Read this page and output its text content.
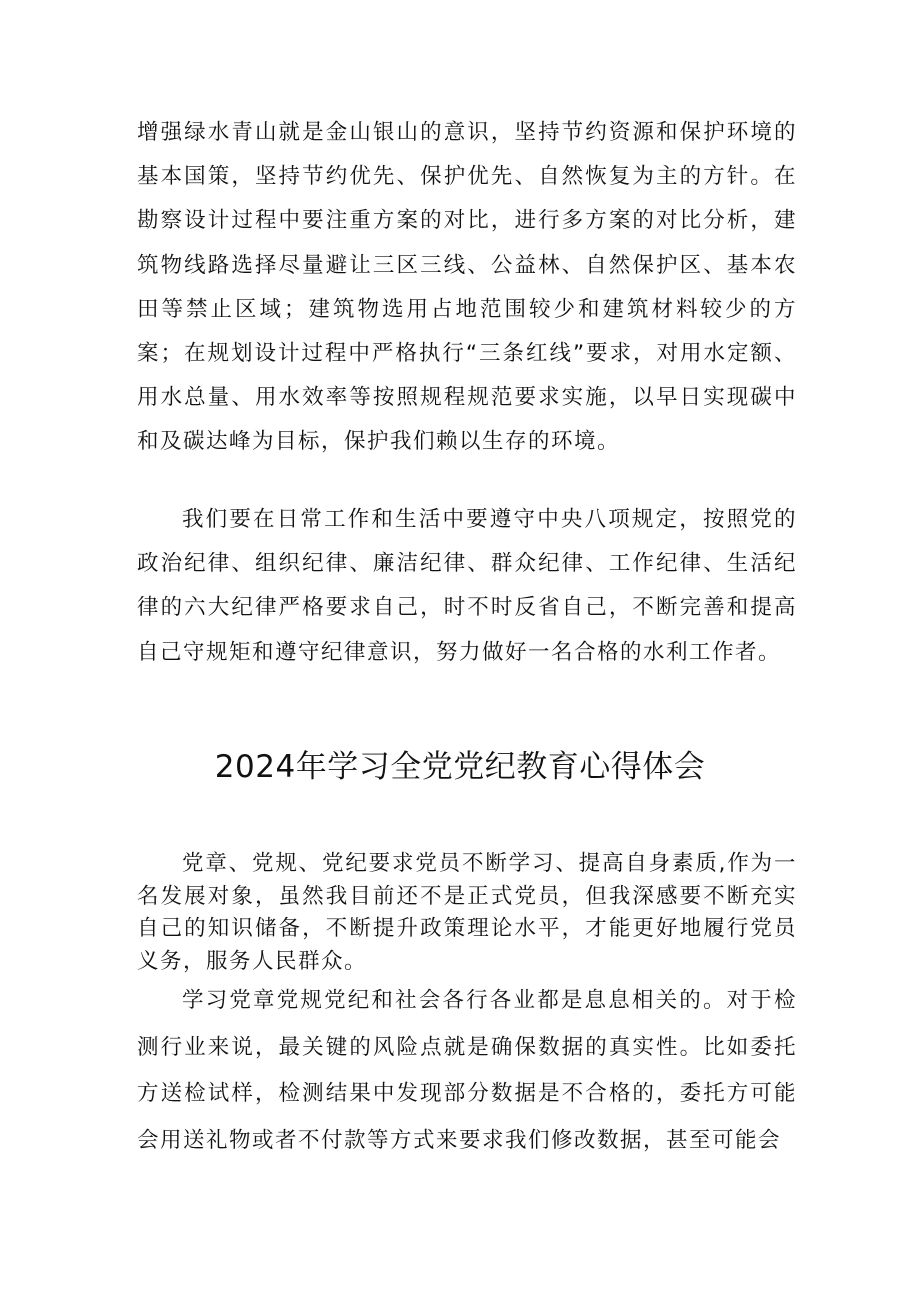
增强绿水青山就是金山银山的意识，坚持节约资源和保护环境的基本国策，坚持节约优先、保护优先、自然恢复为主的方针。在勘察设计过程中要注重方案的对比，进行多方案的对比分析，建筑物线路选择尽量避让三区三线、公益林、自然保护区、基本农田等禁止区域；建筑物选用占地范围较少和建筑材料较少的方案；在规划设计过程中严格执行“三条红线”要求，对用水定额、用水总量、用水效率等按照规程规范要求实施，以早日实现碳中和及碳达峰为目标，保护我们赖以生存的环境。

我们要在日常工作和生活中要遵守中央八项规定，按照党的政治纪律、组织纪律、廉洁纪律、群众纪律、工作纪律、生活纪律的六大纪律严格要求自己，时不时反省自己，不断完善和提高自己守规矩和遵守纪律意识，努力做好一名合格的水利工作者。

2024年学习全党党纪教育心得体会

党章、党规、党纪要求党员不断学习、提高自身素质,作为一名发展对象，虽然我目前还不是正式党员，但我深感要不断充实自己的知识储备，不断提升政策理论水平，才能更好地履行党员义务，服务人民群众。

学习党章党规党纪和社会各行各业都是息息相关的。对于检测行业来说，最关键的风险点就是确保数据的真实性。比如委托方送检试样，检测结果中发现部分数据是不合格的，委托方可能会用送礼物或者不付款等方式来要求我们修改数据，甚至可能会
